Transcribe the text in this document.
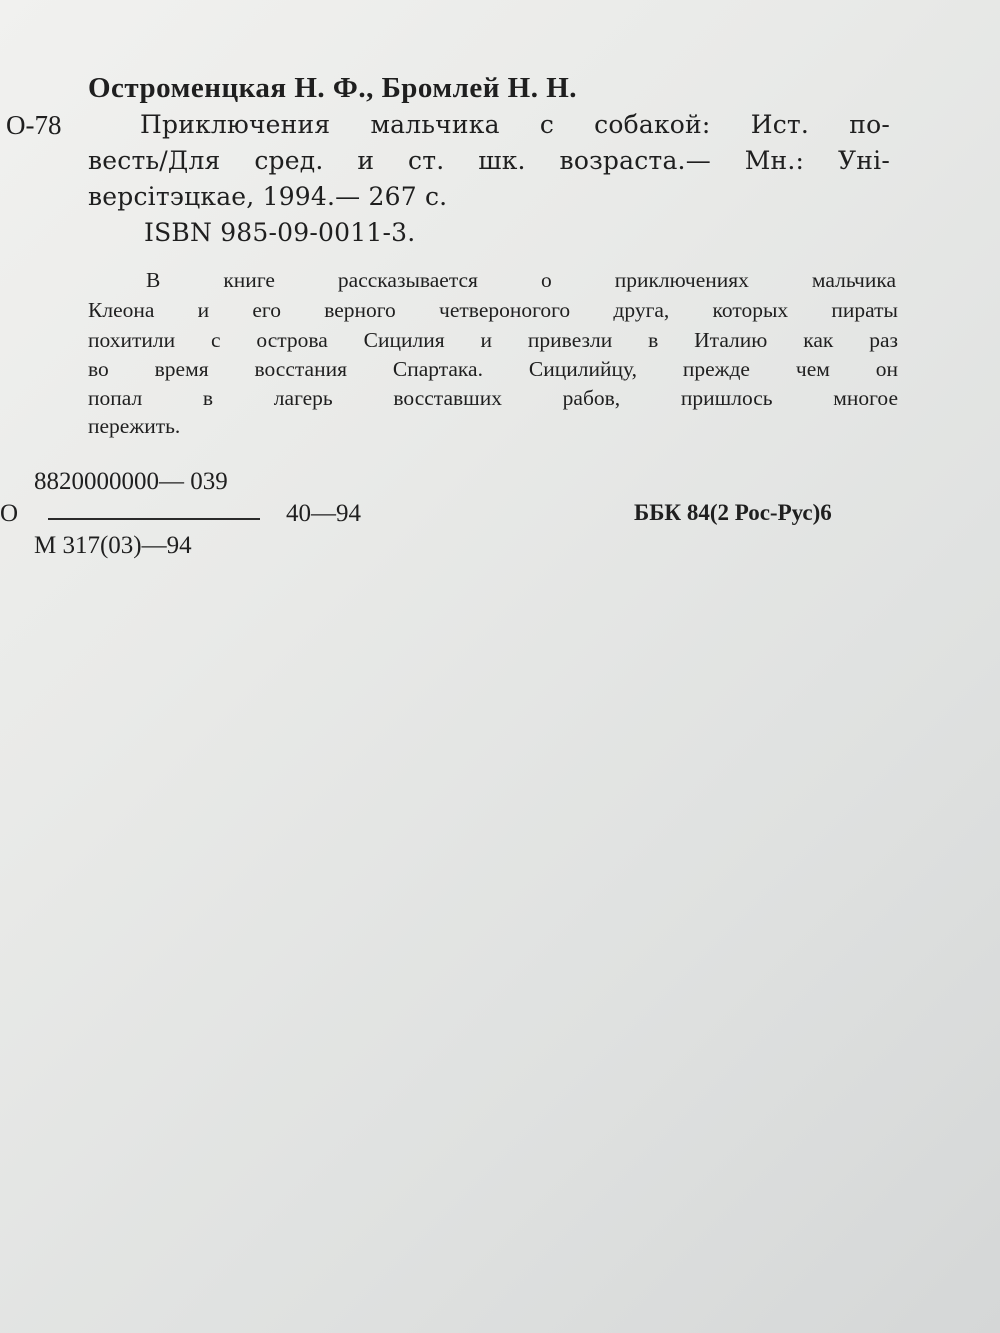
Остроменцкая Н. Ф., Бромлей Н. Н.
О-78	Приключения мальчика с собакой: Ист. по-
весть/Для сред. и ст. шк. возраста.— Мн.: Уні-
версітэцкае, 1994.— 267 с.
ISBN 985-09-0011-3.
В книге рассказывается о приключениях мальчика
Клеона и его верного четвероногого друга, которых пираты
похитили с острова Сицилия и привезли в Италию как раз
во время восстания Спартака. Сицилийцу, прежде чем он
попал в лагерь восставших рабов, пришлось многое
пережить.
8820000000— 039
О	40—94
М 317(03)—94
ББК 84(2 Рос-Рус)6
